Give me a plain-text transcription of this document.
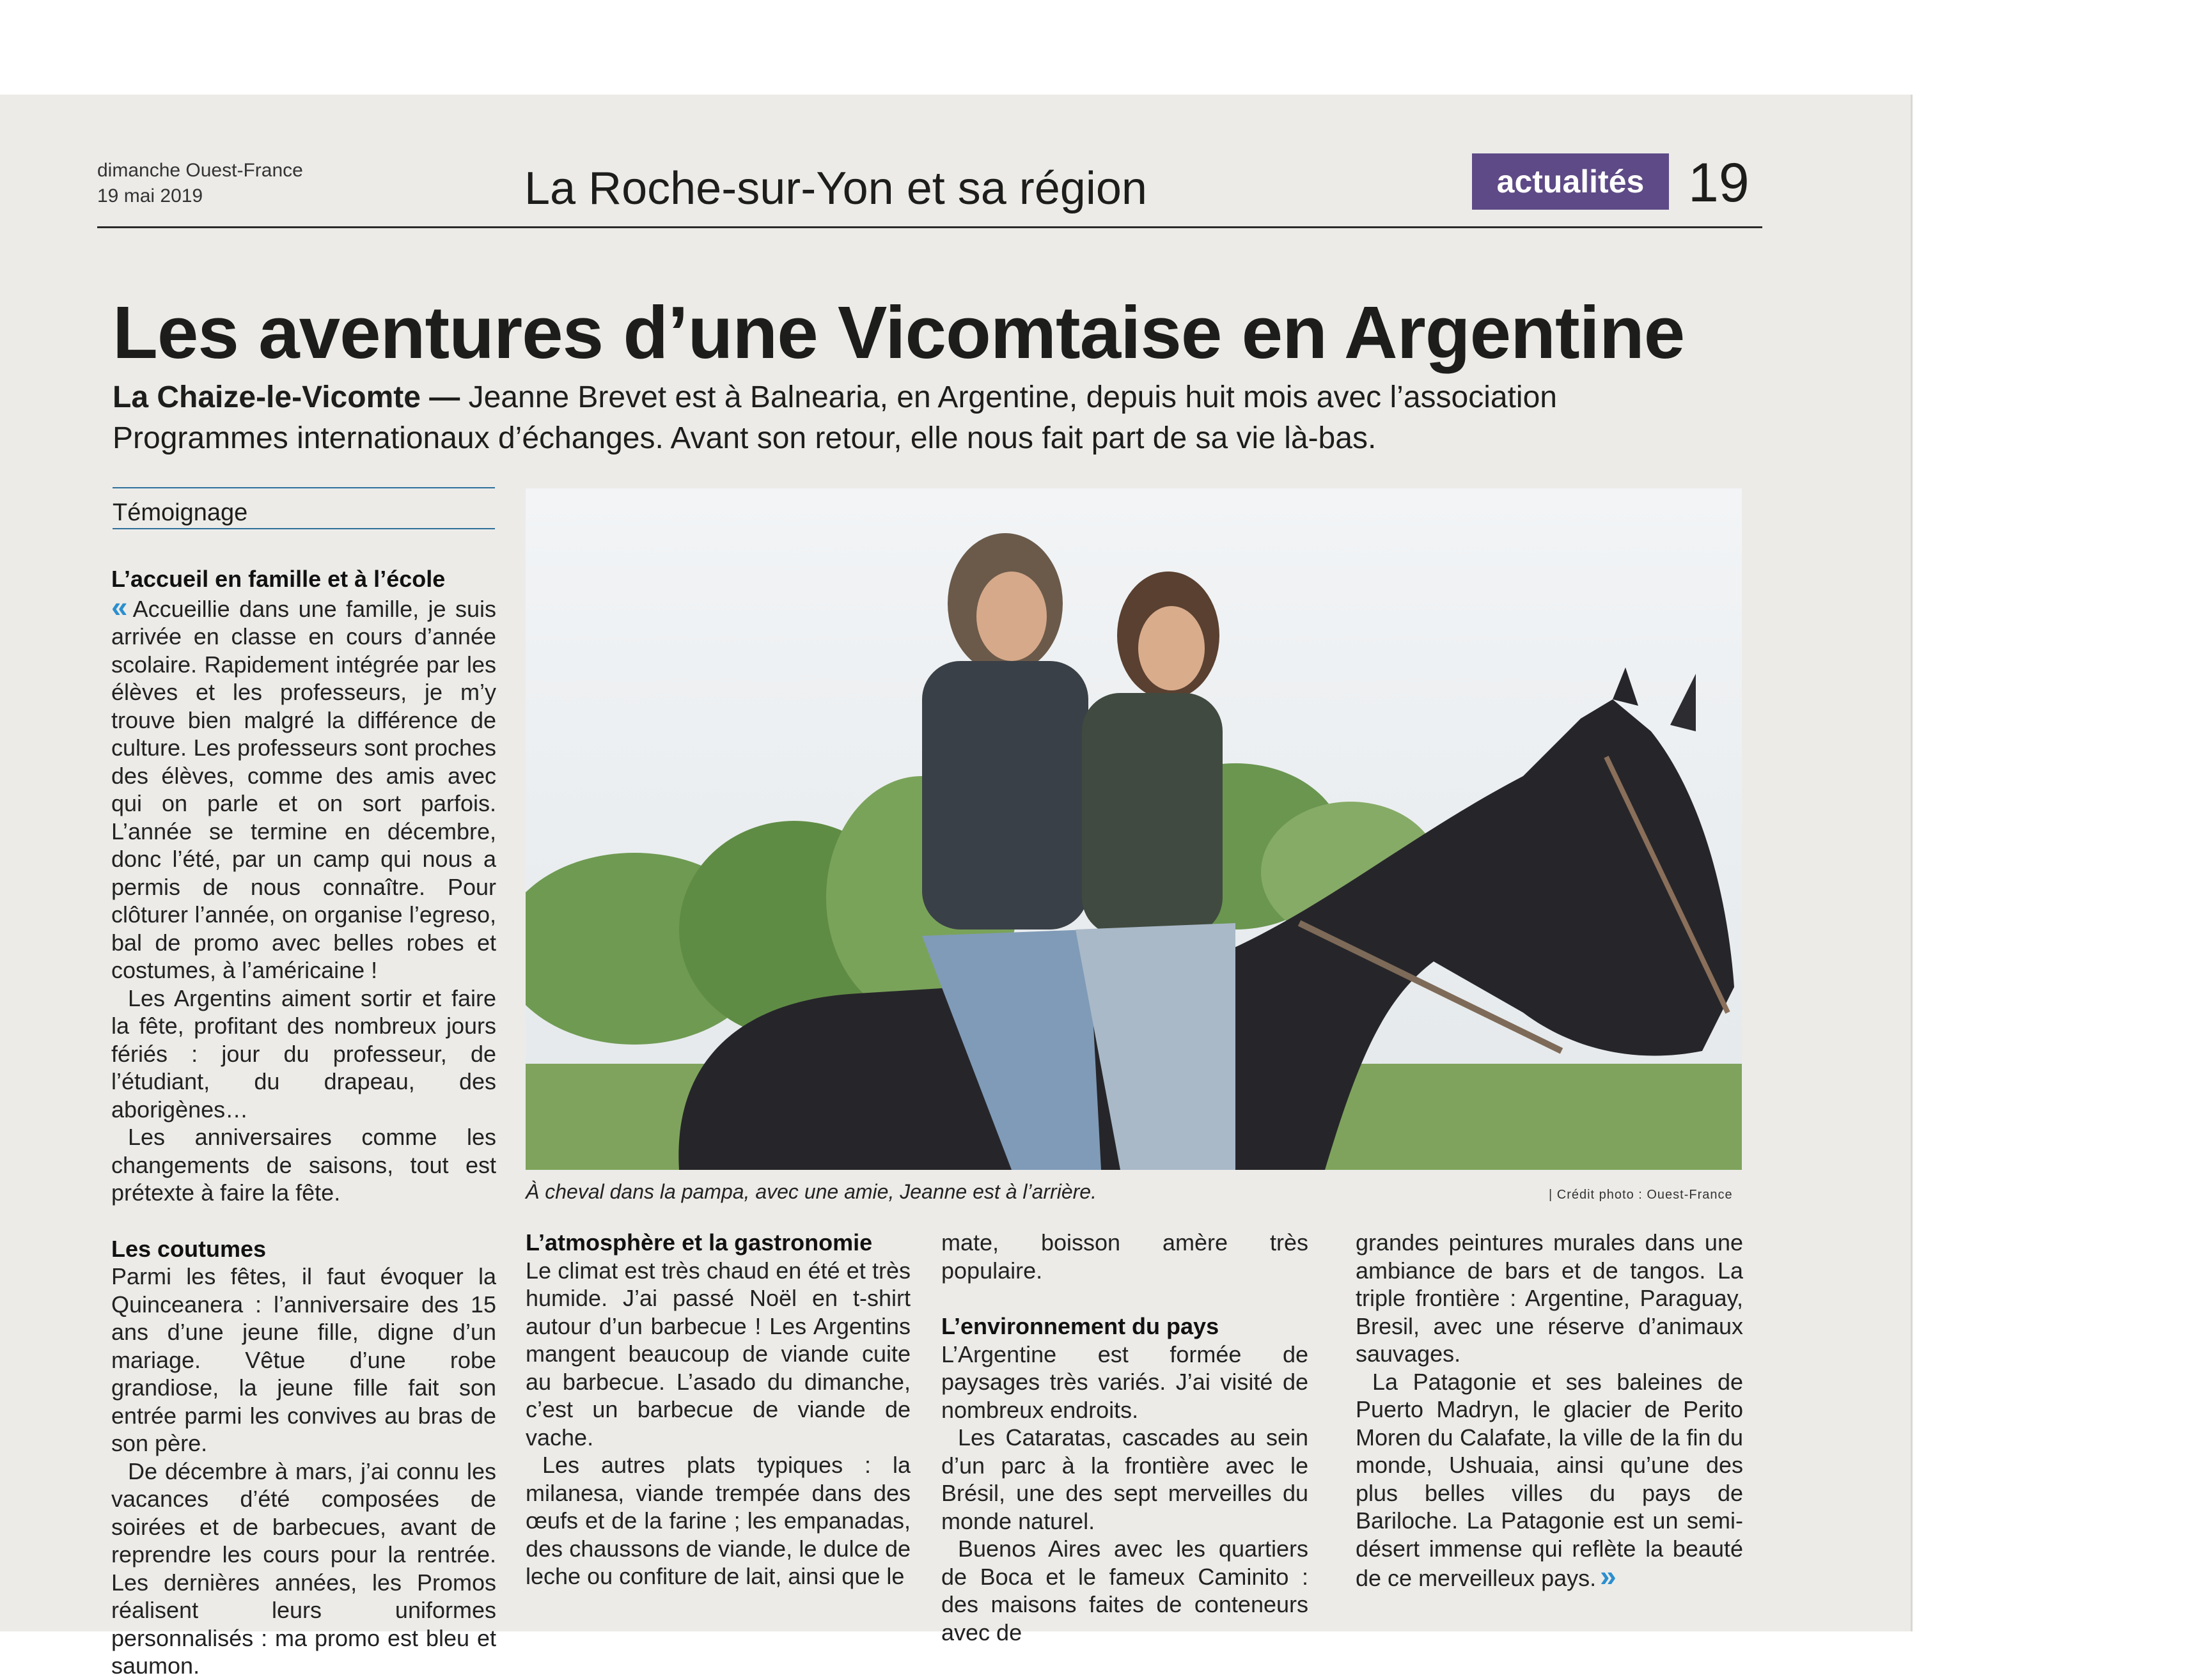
dimanche Ouest-France
19 mai 2019	La Roche-sur-Yon et sa région	actualités 19
Les aventures d’une Vicomtaise en Argentine
La Chaize-le-Vicomte — Jeanne Brevet est à Balnearia, en Argentine, depuis huit mois avec l’association Programmes internationaux d’échanges. Avant son retour, elle nous fait part de sa vie là-bas.
Témoignage
L’accueil en famille et à l’école

« Accueillie dans une famille, je suis arrivée en classe en cours d’année scolaire. Rapidement intégrée par les élèves et les professeurs, je m’y trouve bien malgré la différence de culture. Les professeurs sont proches des élèves, comme des amis avec qui on parle et on sort parfois. L’année se termine en décembre, donc l’été, par un camp qui nous a permis de nous connaître. Pour clôturer l’année, on organise l’egreso, bal de promo avec belles robes et costumes, à l’américaine !

Les Argentins aiment sortir et faire la fête, profitant des nombreux jours fériés : jour du professeur, de l’étudiant, du drapeau, des aborigènes…

Les anniversaires comme les changements de saisons, tout est prétexte à faire la fête.

Les coutumes

Parmi les fêtes, il faut évoquer la Quinceanera : l’anniversaire des 15 ans d’une jeune fille, digne d’un mariage. Vêtue d’une robe grandiose, la jeune fille fait son entrée parmi les convives au bras de son père.

De décembre à mars, j’ai connu les vacances d’été composées de soirées et de barbecues, avant de reprendre les cours pour la rentrée. Les dernières années, les Promos réalisent leurs uniformes personnalisés : ma promo est bleu et saumon.

À cheval dans la pampa, avec une amie, Jeanne est à l’arrière.	| Crédit photo : Ouest-France
L’atmosphère et la gastronomie

Le climat est très chaud en été et très humide. J’ai passé Noël en t-shirt autour d’un barbecue ! Les Argentins mangent beaucoup de viande cuite au barbecue. L’asado du dimanche, c’est un barbecue de viande de vache.

Les autres plats typiques : la milanesa, viande trempée dans des œufs et de la farine ; les empanadas, des chaussons de viande, le dulce de leche ou confiture de lait, ainsi que le

mate, boisson amère très populaire.

L’environnement du pays

L’Argentine est formée de paysages très variés. J’ai visité de nombreux endroits.

Les Cataratas, cascades au sein d’un parc à la frontière avec le Brésil, une des sept merveilles du monde naturel.

Buenos Aires avec les quartiers de Boca et le fameux Caminito : des maisons faites de conteneurs avec de

grandes peintures murales dans une ambiance de bars et de tangos. La triple frontière : Argentine, Paraguay, Bresil, avec une réserve d’animaux sauvages.

La Patagonie et ses baleines de Puerto Madryn, le glacier de Perito Moren du Calafate, la ville de la fin du monde, Ushuaia, ainsi qu’une des plus belles villes du pays de Bariloche. La Patagonie est un semi-désert immense qui reflète la beauté de ce merveilleux pays. »
